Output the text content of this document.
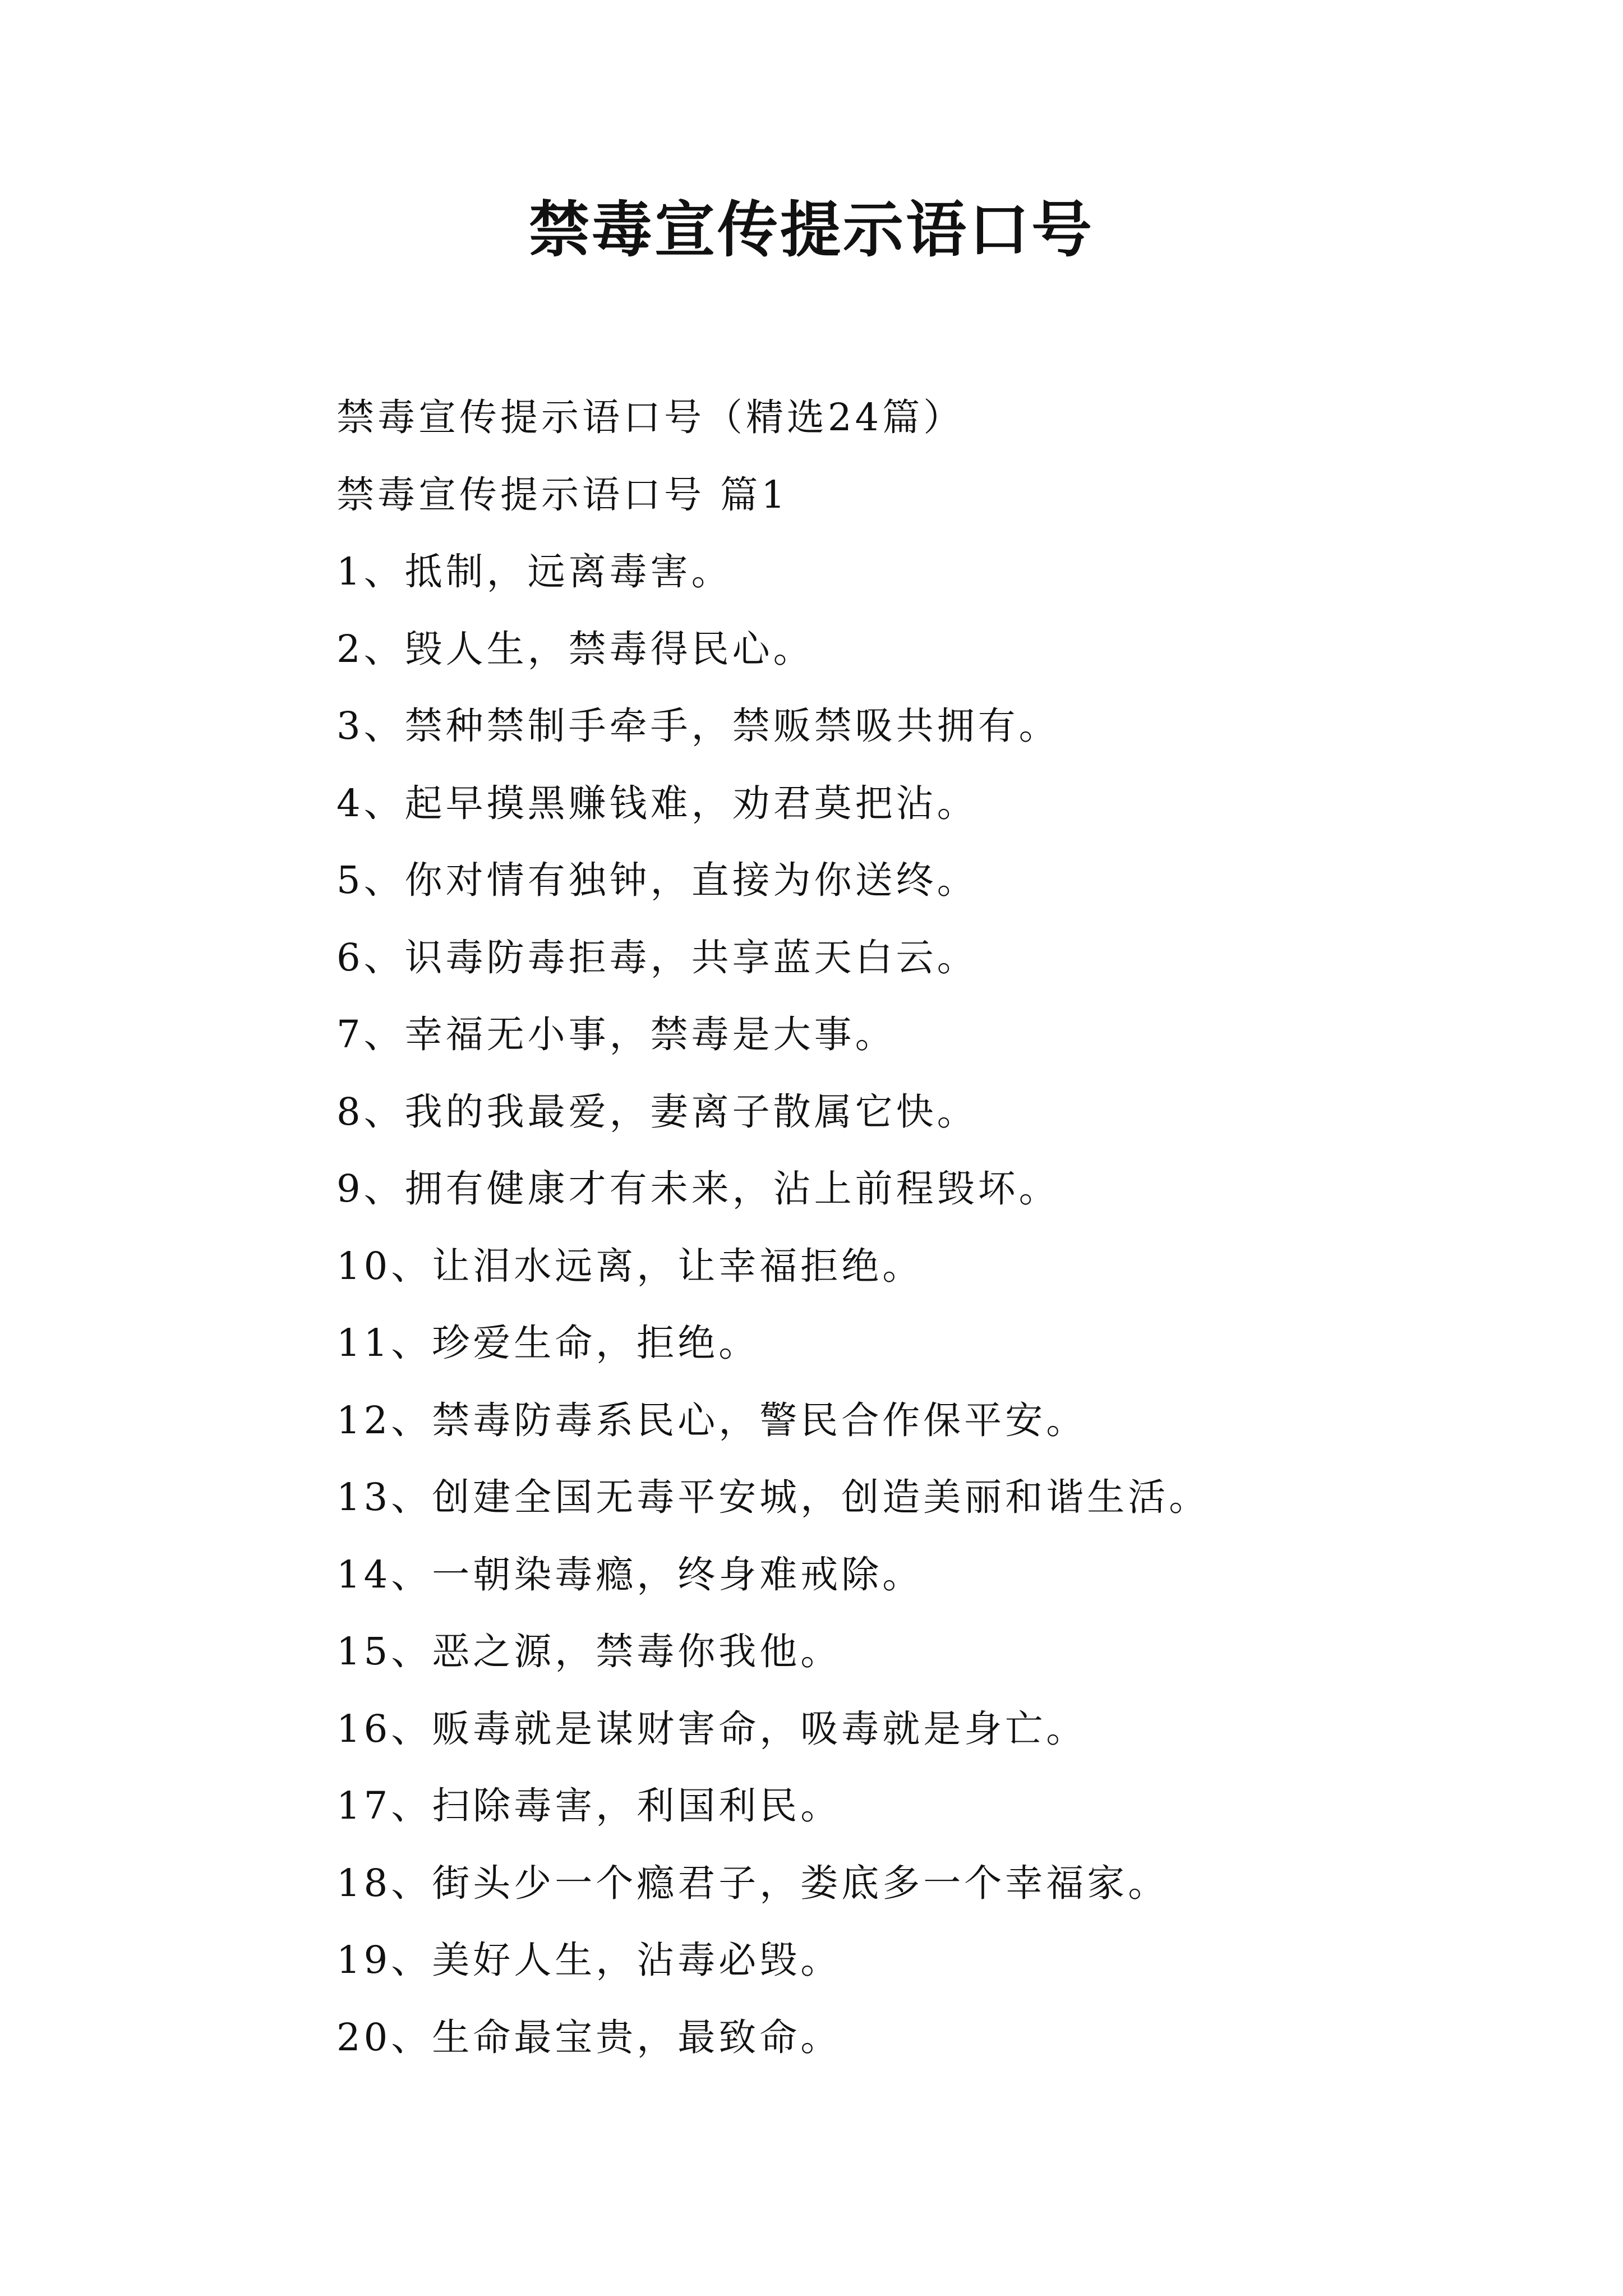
禁毒宣传提示语口号
禁毒宣传提示语口号（精选24篇）
禁毒宣传提示语口号 篇1
1、抵制，远离毒害。
2、毁人生，禁毒得民心。
3、禁种禁制手牵手，禁贩禁吸共拥有。
4、起早摸黑赚钱难，劝君莫把沾。
5、你对情有独钟，直接为你送终。
6、识毒防毒拒毒，共享蓝天白云。
7、幸福无小事，禁毒是大事。
8、我的我最爱，妻离子散属它快。
9、拥有健康才有未来，沾上前程毁坏。
10、让泪水远离，让幸福拒绝。
11、珍爱生命，拒绝。
12、禁毒防毒系民心，警民合作保平安。
13、创建全国无毒平安城，创造美丽和谐生活。
14、一朝染毒瘾，终身难戒除。
15、恶之源，禁毒你我他。
16、贩毒就是谋财害命，吸毒就是身亡。
17、扫除毒害，利国利民。
18、街头少一个瘾君子，娄底多一个幸福家。
19、美好人生，沾毒必毁。
20、生命最宝贵，最致命。
